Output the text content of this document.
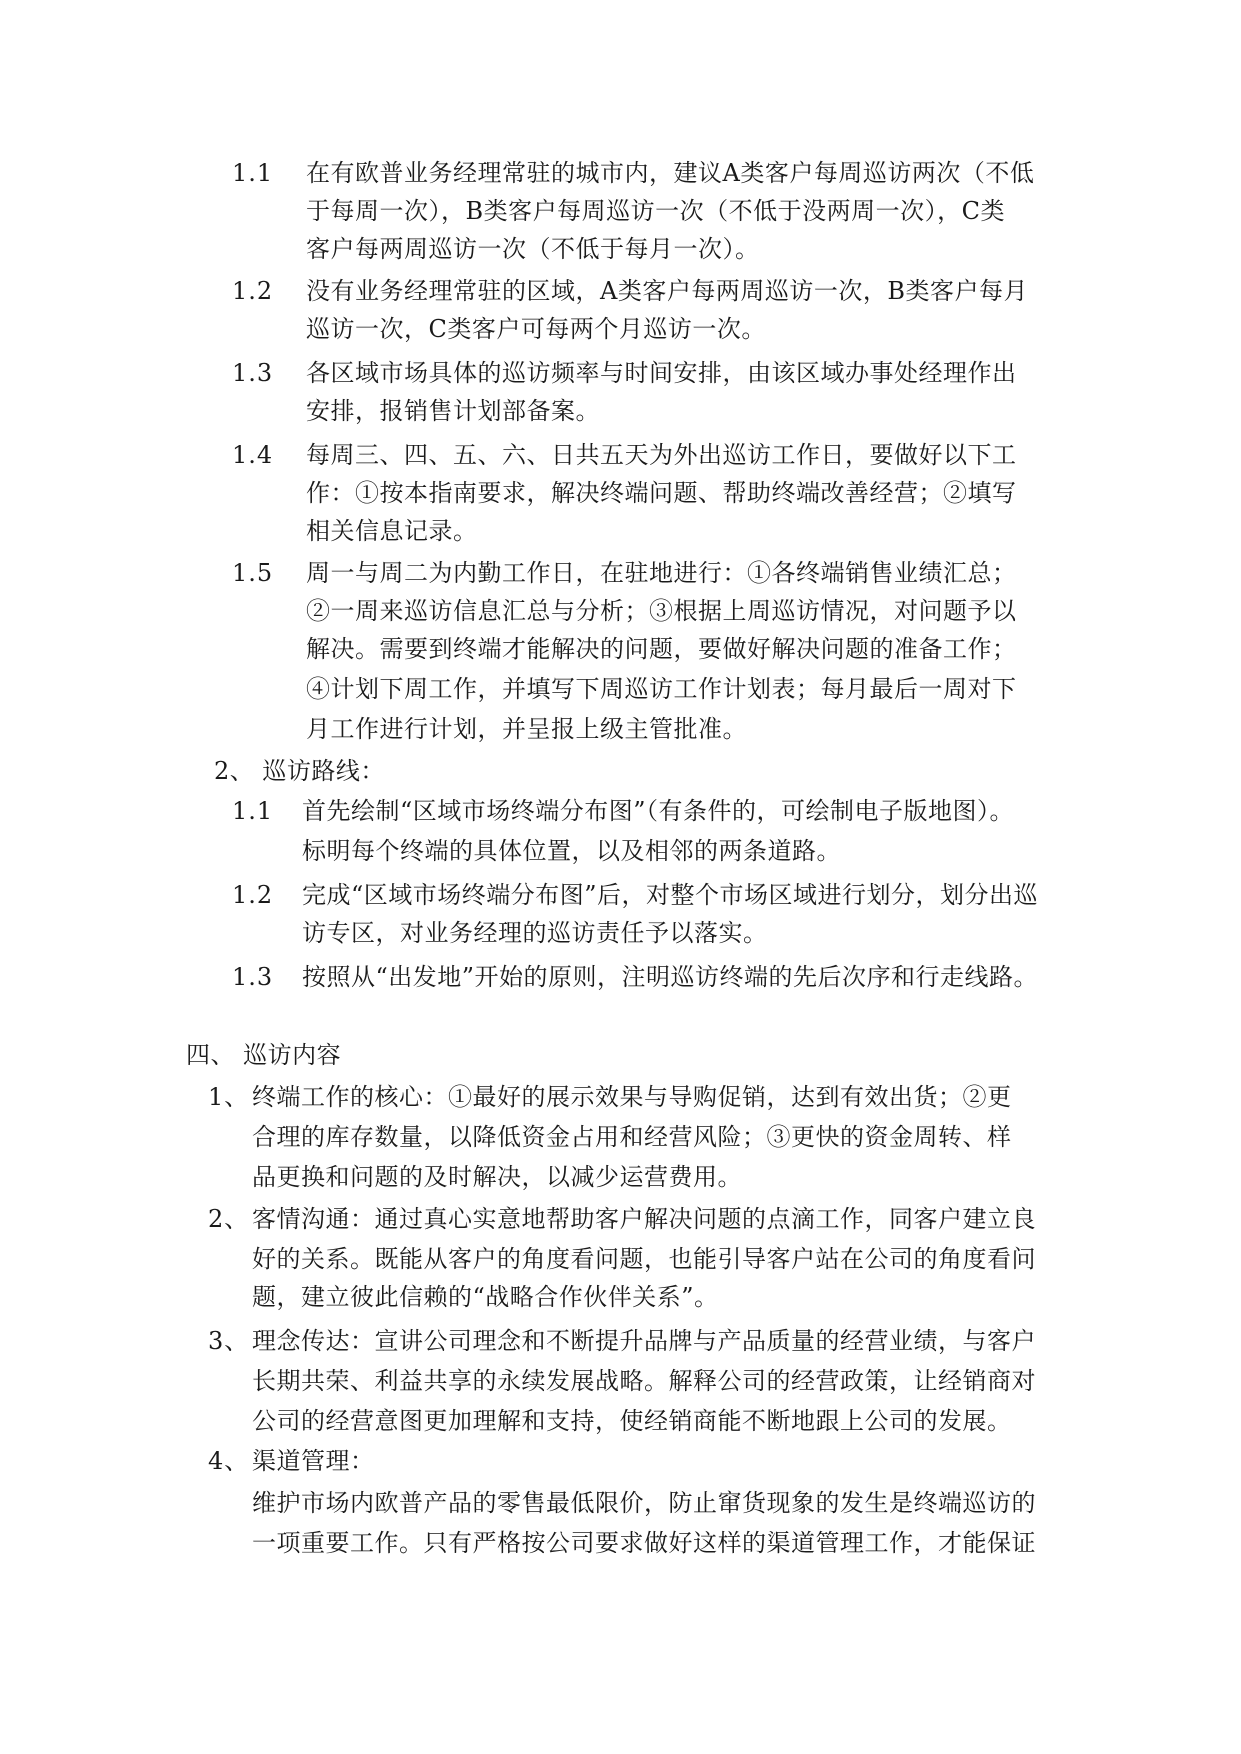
1.1 在有欧普业务经理常驻的城市内，建议A类客户每周巡访两次（不低
于每周一次），B类客户每周巡访一次（不低于没两周一次），C类
客户每两周巡访一次（不低于每月一次）。
1.2 没有业务经理常驻的区域，A类客户每两周巡访一次，B类客户每月
巡访一次，C类客户可每两个月巡访一次。
1.3 各区域市场具体的巡访频率与时间安排，由该区域办事处经理作出
安排，报销售计划部备案。
1.4 每周三、四、五、六、日共五天为外出巡访工作日，要做好以下工
作：①按本指南要求，解决终端问题、帮助终端改善经营；②填写
相关信息记录。
1.5 周一与周二为内勤工作日，在驻地进行：①各终端销售业绩汇总；
②一周来巡访信息汇总与分析；③根据上周巡访情况，对问题予以
解决。需要到终端才能解决的问题，要做好解决问题的准备工作；
④计划下周工作，并填写下周巡访工作计划表；每月最后一周对下
月工作进行计划，并呈报上级主管批准。
2、 巡访路线：
1.1 首先绘制“区域市场终端分布图”（有条件的，可绘制电子版地图）。
标明每个终端的具体位置，以及相邻的两条道路。
1.2 完成“区域市场终端分布图”后，对整个市场区域进行划分，划分出巡
访专区，对业务经理的巡访责任予以落实。
1.3 按照从“出发地”开始的原则，注明巡访终端的先后次序和行走线路。
四、 巡访内容
1、 终端工作的核心：①最好的展示效果与导购促销，达到有效出货；②更
合理的库存数量，以降低资金占用和经营风险；③更快的资金周转、样
品更换和问题的及时解决，以减少运营费用。
2、 客情沟通：通过真心实意地帮助客户解决问题的点滴工作，同客户建立良
好的关系。既能从客户的角度看问题，也能引导客户站在公司的角度看问
题，建立彼此信赖的“战略合作伙伴关系”。
3、 理念传达：宣讲公司理念和不断提升品牌与产品质量的经营业绩，与客户
长期共荣、利益共享的永续发展战略。解释公司的经营政策，让经销商对
公司的经营意图更加理解和支持，使经销商能不断地跟上公司的发展。
4、 渠道管理：
维护市场内欧普产品的零售最低限价，防止窜货现象的发生是终端巡访的
一项重要工作。只有严格按公司要求做好这样的渠道管理工作，才能保证
